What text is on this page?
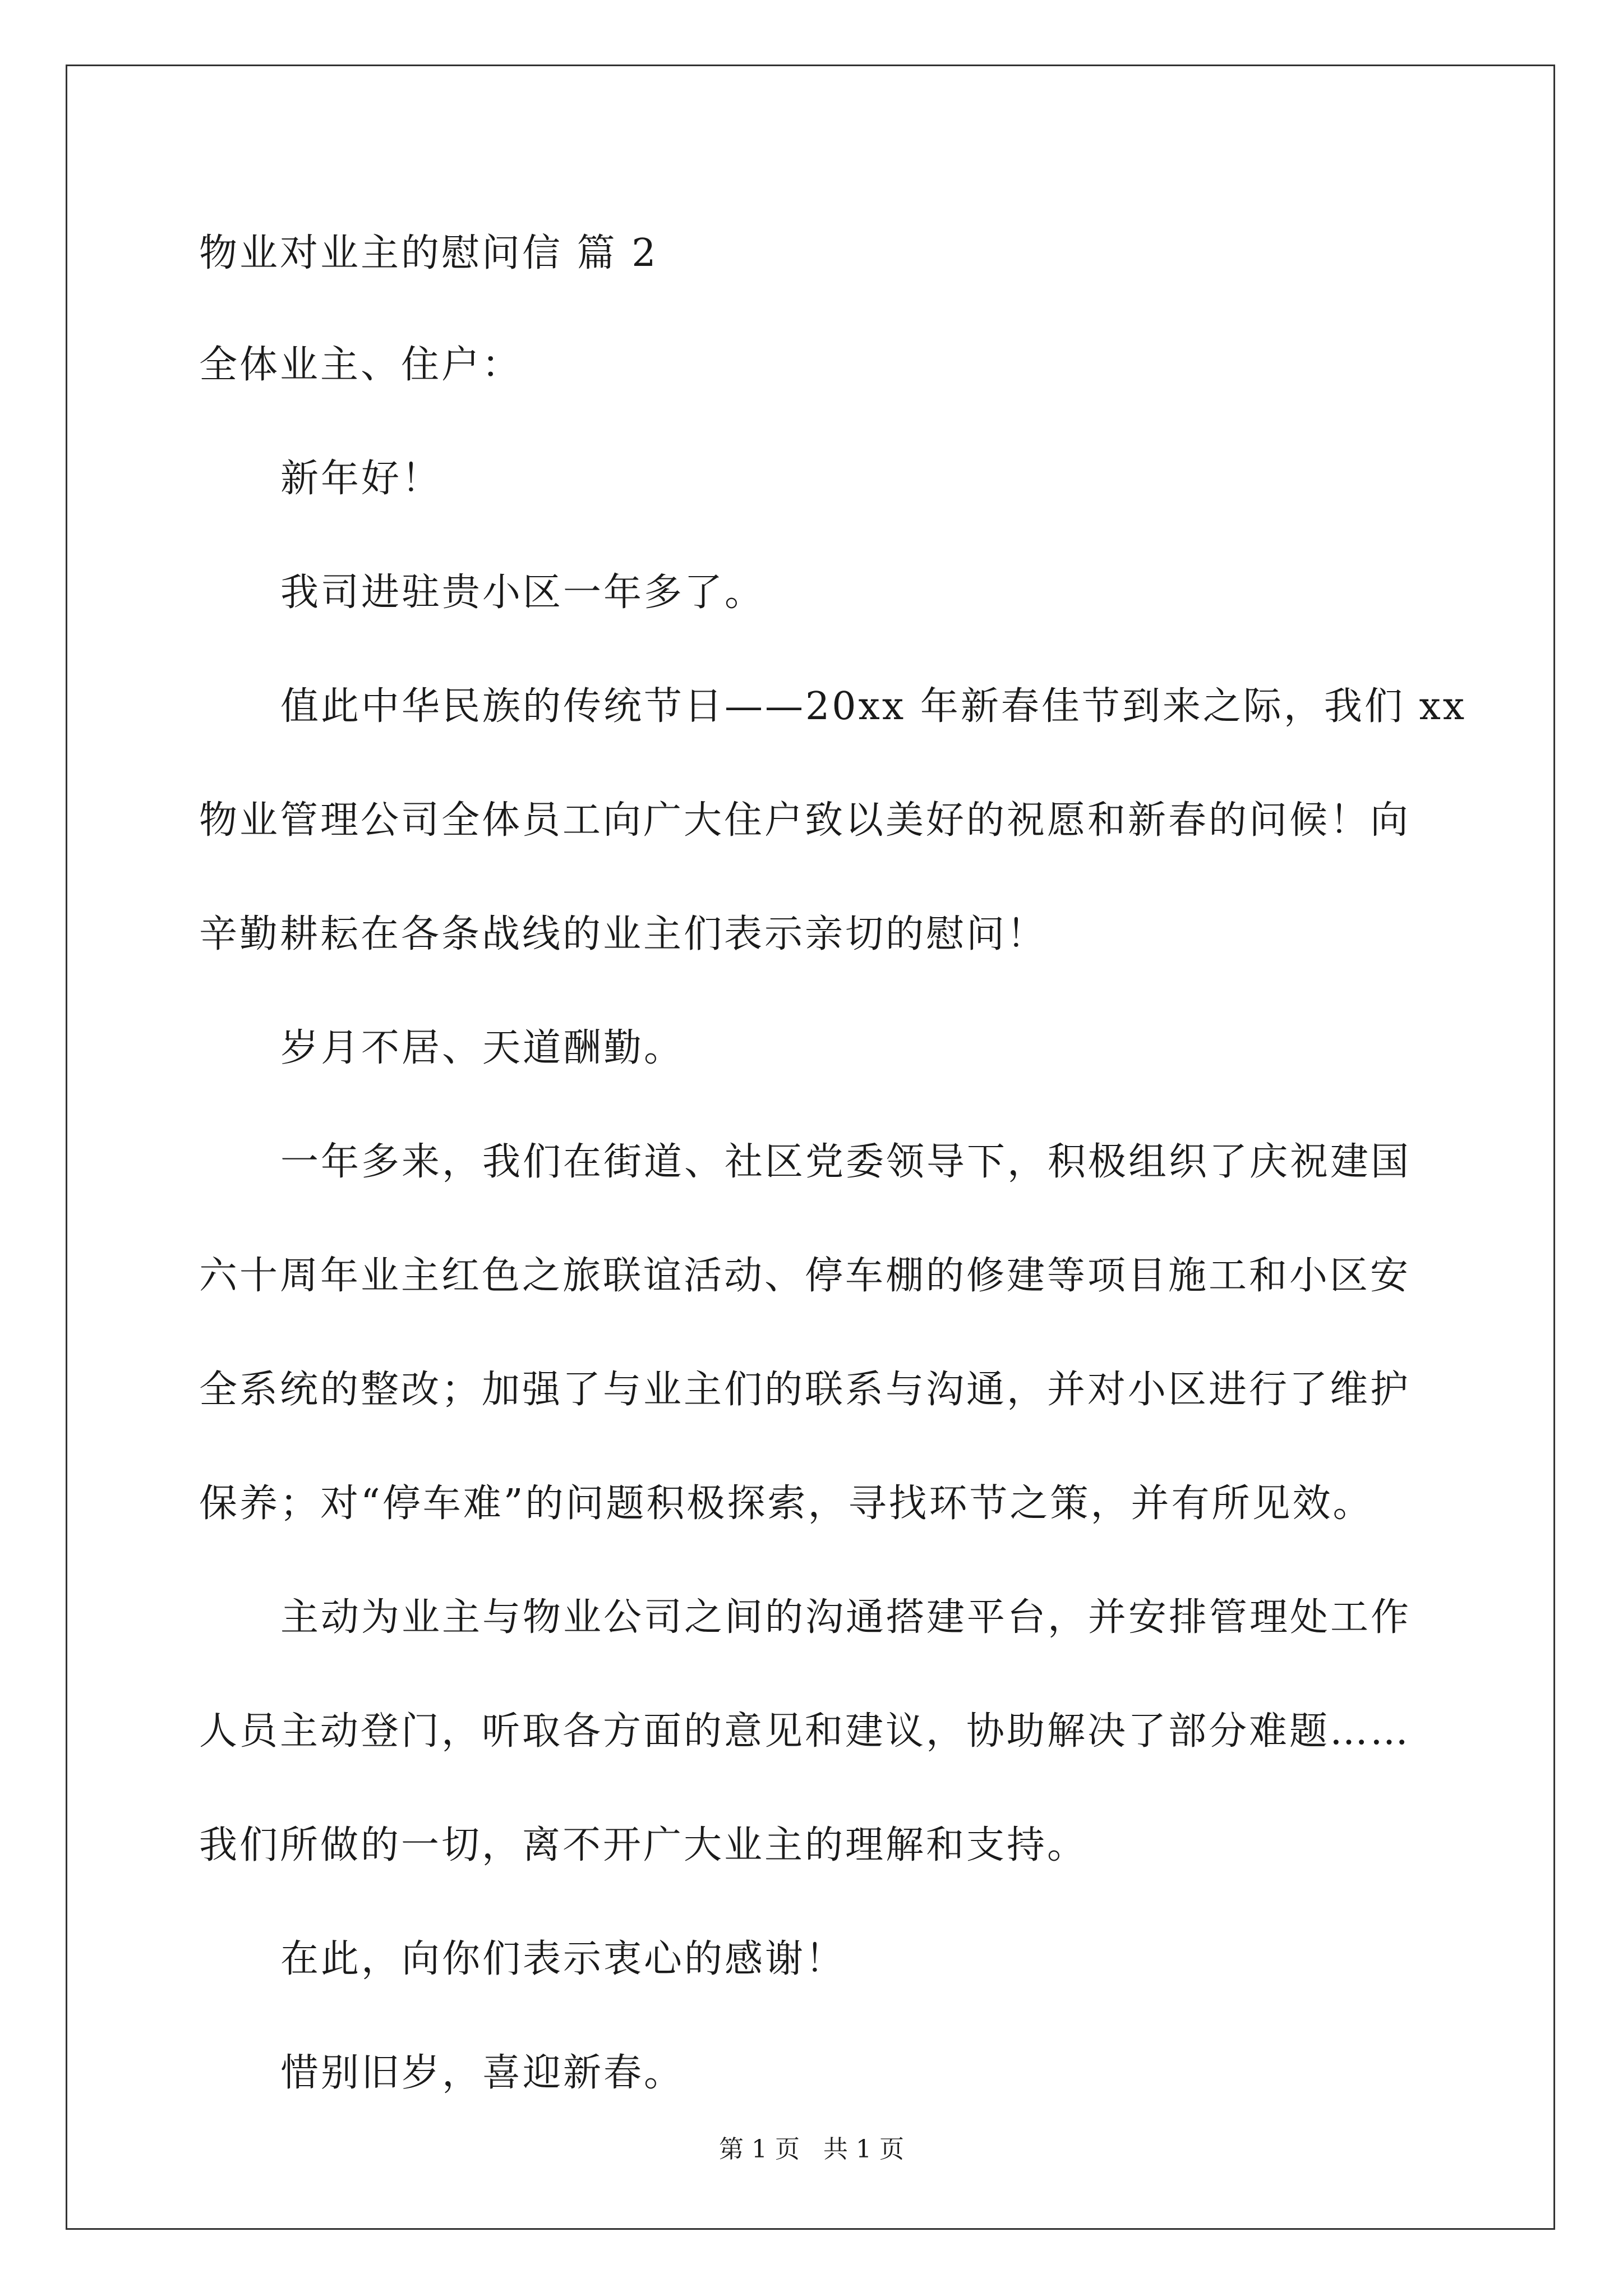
物业对业主的慰问信 篇 2

全体业主、住户：

新年好！

我司进驻贵小区一年多了。

值此中华民族的传统节日——20xx 年新春佳节到来之际，我们 xx

物业管理公司全体员工向广大住户致以美好的祝愿和新春的问候！向

辛勤耕耘在各条战线的业主们表示亲切的慰问！

岁月不居、天道酬勤。

一年多来，我们在街道、社区党委领导下，积极组织了庆祝建国

六十周年业主红色之旅联谊活动、停车棚的修建等项目施工和小区安

全系统的整改；加强了与业主们的联系与沟通，并对小区进行了维护

保养；对“停车难”的问题积极探索，寻找环节之策，并有所见效。

主动为业主与物业公司之间的沟通搭建平台，并安排管理处工作

人员主动登门，听取各方面的意见和建议，协助解决了部分难题……

我们所做的一切，离不开广大业主的理解和支持。

在此，向你们表示衷心的感谢！

惜别旧岁，喜迎新春。

第 1 页   共 1 页
